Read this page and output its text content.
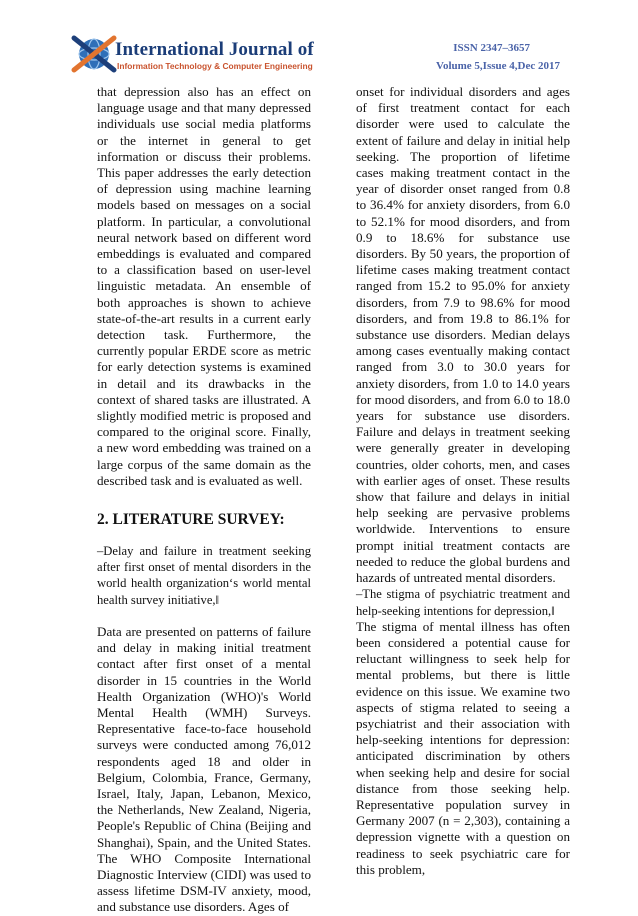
International Journal of

Information Technology & Computer Engineering

ISSN 2347–3657

Volume 5,Issue 4,Dec 2017

that depression also has an effect on language usage and that many depressed individuals use social media platforms or the internet in general to get information or discuss their problems. This paper addresses the early detection of depression using machine learning models based on messages on a social platform. In particular, a convolutional neural network based on different word embeddings is evaluated and compared to a classification based on user-level linguistic metadata. An ensemble of both approaches is shown to achieve state-of-the-art results in a current early detection task. Furthermore, the currently popular ERDE score as metric for early detection systems is examined in detail and its drawbacks in the context of shared tasks are illustrated. A slightly modified metric is proposed and compared to the original score. Finally, a new word embedding was trained on a large corpus of the same domain as the described task and is evaluated as well.

2. LITERATURE SURVEY:

–Delay and failure in treatment seeking after first onset of mental disorders in the world health organization‘s world mental health survey initiative,‖

Data are presented on patterns of failure and delay in making initial treatment contact after first onset of a mental disorder in 15 countries in the World Health Organization (WHO)'s World Mental Health (WMH) Surveys. Representative face-to-face household surveys were conducted among 76,012 respondents aged 18 and older in Belgium, Colombia, France, Germany, Israel, Italy, Japan, Lebanon, Mexico, the Netherlands, New Zealand, Nigeria, People's Republic of China (Beijing and Shanghai), Spain, and the United States. The WHO Composite International Diagnostic Interview (CIDI) was used to assess lifetime DSM-IV anxiety, mood, and substance use disorders. Ages of

onset for individual disorders and ages of first treatment contact for each disorder were used to calculate the extent of failure and delay in initial help seeking. The proportion of lifetime cases making treatment contact in the year of disorder onset ranged from 0.8 to 36.4% for anxiety disorders, from 6.0 to 52.1% for mood disorders, and from 0.9 to 18.6% for substance use disorders. By 50 years, the proportion of lifetime cases making treatment contact ranged from 15.2 to 95.0% for anxiety disorders, from 7.9 to 98.6% for mood disorders, and from 19.8 to 86.1% for substance use disorders. Median delays among cases eventually making contact ranged from 3.0 to 30.0 years for anxiety disorders, from 1.0 to 14.0 years for mood disorders, and from 6.0 to 18.0 years for substance use disorders. Failure and delays in treatment seeking were generally greater in developing countries, older cohorts, men, and cases with earlier ages of onset. These results show that failure and delays in initial help seeking are pervasive problems worldwide. Interventions to ensure prompt initial treatment contacts are needed to reduce the global burdens and hazards of untreated mental disorders.

–The stigma of psychiatric treatment and help-seeking intentions for depression,‖

The stigma of mental illness has often been considered a potential cause for reluctant willingness to seek help for mental problems, but there is little evidence on this issue. We examine two aspects of stigma related to seeing a psychiatrist and their association with help-seeking intentions for depression: anticipated discrimination by others when seeking help and desire for social distance from those seeking help. Representative population survey in Germany 2007 (n = 2,303), containing a depression vignette with a question on readiness to seek psychiatric care for this problem,
